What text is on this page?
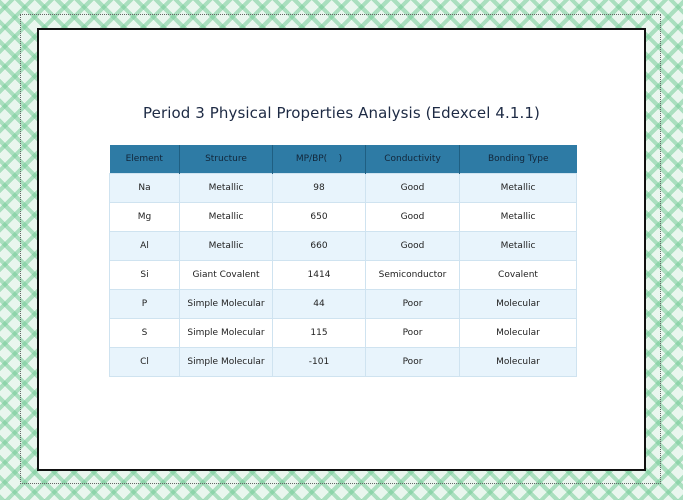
Period 3 Physical Properties Analysis (Edexcel 4.1.1)
Element	Structure	MP/BP(    )	Conductivity	Bonding Type
Na	Metallic	98	Good	Metallic
Mg	Metallic	650	Good	Metallic
Al	Metallic	660	Good	Metallic
Si	Giant Covalent	1414	Semiconductor	Covalent
P	Simple Molecular	44	Poor	Molecular
S	Simple Molecular	115	Poor	Molecular
Cl	Simple Molecular	-101	Poor	Molecular
